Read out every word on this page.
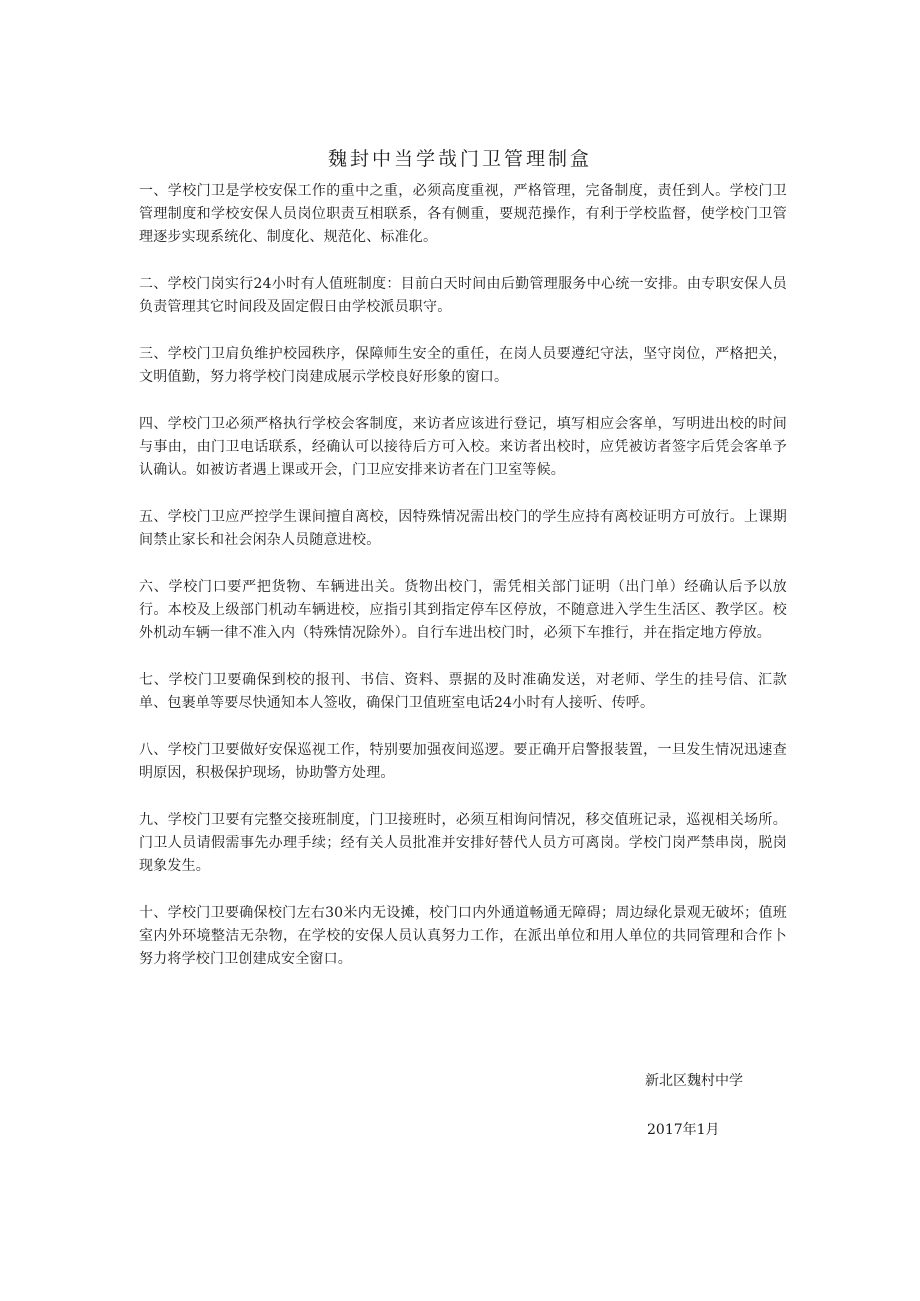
魏封中当学哉门卫管理制盒

一、学校门卫是学校安保工作的重中之重，必须高度重视，严格管理，完备制度，责任到人。学校门卫管理制度和学校安保人员岗位职责互相联系，各有侧重，要规范操作，有利于学校监督，使学校门卫管理逐步实现系统化、制度化、规范化、标准化。

二、学校门岗实行24小时有人值班制度：目前白天时间由后勤管理服务中心统一安排。由专职安保人员负责管理其它时间段及固定假日由学校派员职守。

三、学校门卫肩负维护校园秩序，保障师生安全的重任，在岗人员要遵纪守法，坚守岗位，严格把关，文明值勤，努力将学校门岗建成展示学校良好形象的窗口。

四、学校门卫必须严格执行学校会客制度，来访者应该进行登记，填写相应会客单，写明进出校的时间与事由，由门卫电话联系，经确认可以接待后方可入校。来访者出校时，应凭被访者签字后凭会客单予认确认。如被访者遇上课或开会，门卫应安排来访者在门卫室等候。

五、学校门卫应严控学生课间擅自离校，因特殊情况需出校门的学生应持有离校证明方可放行。上课期间禁止家长和社会闲杂人员随意进校。

六、学校门口要严把货物、车辆进出关。货物出校门，需凭相关部门证明（出门单）经确认后予以放行。本校及上级部门机动车辆进校，应指引其到指定停车区停放，不随意进入学生生活区、教学区。校外机动车辆一律不准入内（特殊情况除外）。自行车进出校门时，必须下车推行，并在指定地方停放。

七、学校门卫要确保到校的报刊、书信、资料、票据的及时准确发送，对老师、学生的挂号信、汇款单、包裹单等要尽快通知本人签收，确保门卫值班室电话24小时有人接听、传呼。

八、学校门卫要做好安保巡视工作，特别要加强夜间巡逻。要正确开启警报装置，一旦发生情况迅速查明原因，积极保护现场，协助警方处理。

九、学校门卫要有完整交接班制度，门卫接班时，必须互相询问情况，移交值班记录，巡视相关场所。门卫人员请假需事先办理手续；经有关人员批准并安排好替代人员方可离岗。学校门岗严禁串岗，脱岗现象发生。

十、学校门卫要确保校门左右30米内无设摊，校门口内外通道畅通无障碍；周边绿化景观无破坏；值班室内外环境整洁无杂物，在学校的安保人员认真努力工作，在派出单位和用人单位的共同管理和合作卜努力将学校门卫创建成安全窗口。

新北区魏村中学

2017年1月
